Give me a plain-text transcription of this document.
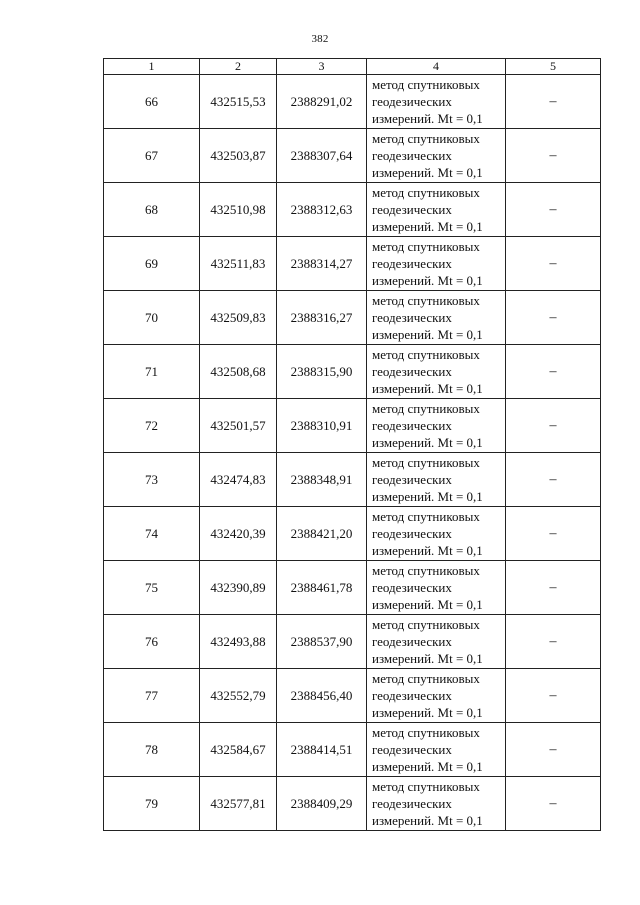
382
1	2	3	4	5
66	432515,53	2388291,02	метод спутниковых
геодезических
измерений. Mt = 0,1	–
67	432503,87	2388307,64	метод спутниковых
геодезических
измерений. Mt = 0,1	–
68	432510,98	2388312,63	метод спутниковых
геодезических
измерений. Mt = 0,1	–
69	432511,83	2388314,27	метод спутниковых
геодезических
измерений. Mt = 0,1	–
70	432509,83	2388316,27	метод спутниковых
геодезических
измерений. Mt = 0,1	–
71	432508,68	2388315,90	метод спутниковых
геодезических
измерений. Mt = 0,1	–
72	432501,57	2388310,91	метод спутниковых
геодезических
измерений. Mt = 0,1	–
73	432474,83	2388348,91	метод спутниковых
геодезических
измерений. Mt = 0,1	–
74	432420,39	2388421,20	метод спутниковых
геодезических
измерений. Mt = 0,1	–
75	432390,89	2388461,78	метод спутниковых
геодезических
измерений. Mt = 0,1	–
76	432493,88	2388537,90	метод спутниковых
геодезических
измерений. Mt = 0,1	–
77	432552,79	2388456,40	метод спутниковых
геодезических
измерений. Mt = 0,1	–
78	432584,67	2388414,51	метод спутниковых
геодезических
измерений. Mt = 0,1	–
79	432577,81	2388409,29	метод спутниковых
геодезических
измерений. Mt = 0,1	–
